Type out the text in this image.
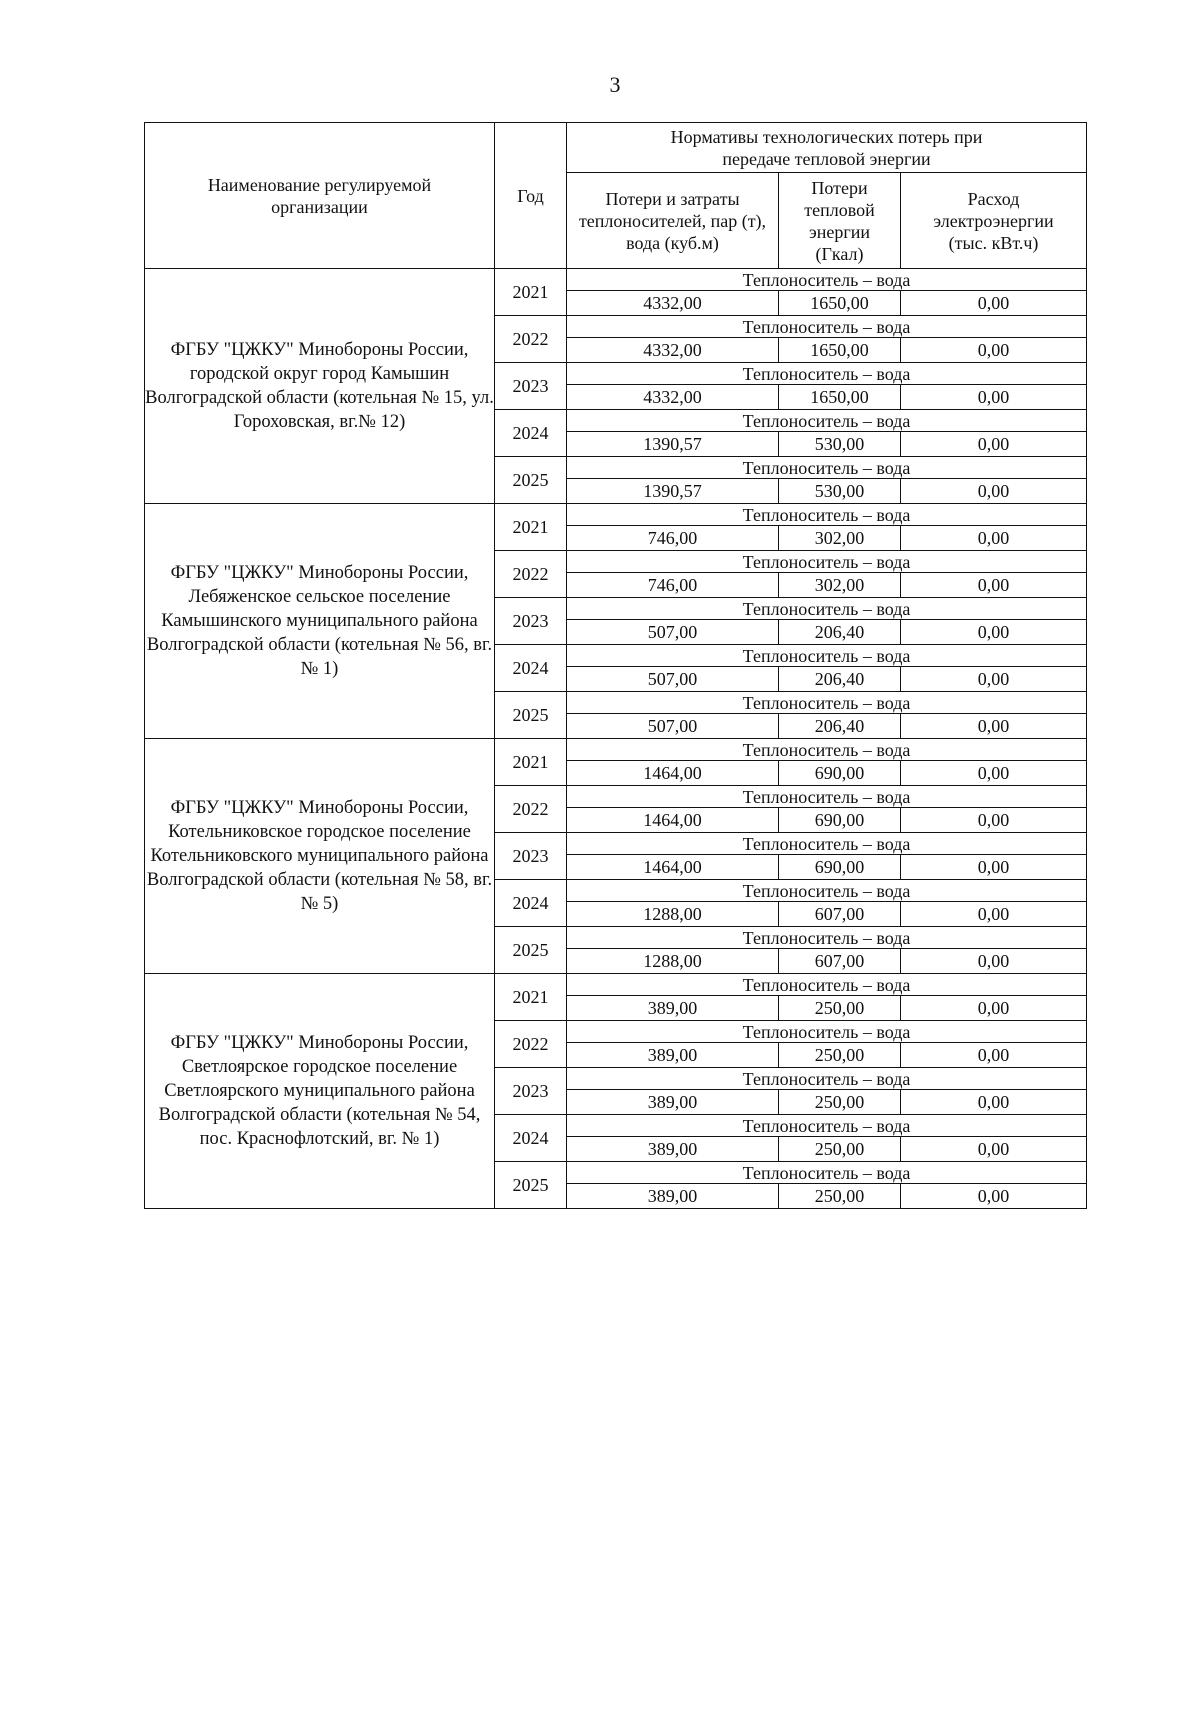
3
Наименование регулируемой организации	Год	Нормативы технологических потерь при передаче тепловой энергии		
		Потери и затраты теплоносителей, пар (т), вода (куб.м)	Потери тепловой энергии (Гкал)	Расход электроэнергии (тыс. кВт.ч)
ФГБУ "ЦЖКУ" Минобороны России, городской округ город Камышин Волгоградской области (котельная № 15, ул. Гороховская, вг.№ 12)	2021	Теплоноситель – вода		
		4332,00	1650,00	0,00
	2022	Теплоноситель – вода		
		4332,00	1650,00	0,00
	2023	Теплоноситель – вода		
		4332,00	1650,00	0,00
	2024	Теплоноситель – вода		
		1390,57	530,00	0,00
	2025	Теплоноситель – вода		
		1390,57	530,00	0,00
ФГБУ "ЦЖКУ" Минобороны России, Лебяженское сельское поселение Камышинского муниципального района Волгоградской области (котельная № 56, вг. № 1)	2021	Теплоноситель – вода		
		746,00	302,00	0,00
	2022	Теплоноситель – вода		
		746,00	302,00	0,00
	2023	Теплоноситель – вода		
		507,00	206,40	0,00
	2024	Теплоноситель – вода		
		507,00	206,40	0,00
	2025	Теплоноситель – вода		
		507,00	206,40	0,00
ФГБУ "ЦЖКУ" Минобороны России, Котельниковское городское поселение Котельниковского муниципального района Волгоградской области (котельная № 58, вг. № 5)	2021	Теплоноситель – вода		
		1464,00	690,00	0,00
	2022	Теплоноситель – вода		
		1464,00	690,00	0,00
	2023	Теплоноситель – вода		
		1464,00	690,00	0,00
	2024	Теплоноситель – вода		
		1288,00	607,00	0,00
	2025	Теплоноситель – вода		
		1288,00	607,00	0,00
ФГБУ "ЦЖКУ" Минобороны России, Светлоярское городское поселение Светлоярского муниципального района Волгоградской области (котельная № 54, пос. Краснофлотский, вг. № 1)	2021	Теплоноситель – вода		
		389,00	250,00	0,00
	2022	Теплоноситель – вода		
		389,00	250,00	0,00
	2023	Теплоноситель – вода		
		389,00	250,00	0,00
	2024	Теплоноситель – вода		
		389,00	250,00	0,00
	2025	Теплоноситель – вода		
		389,00	250,00	0,00
